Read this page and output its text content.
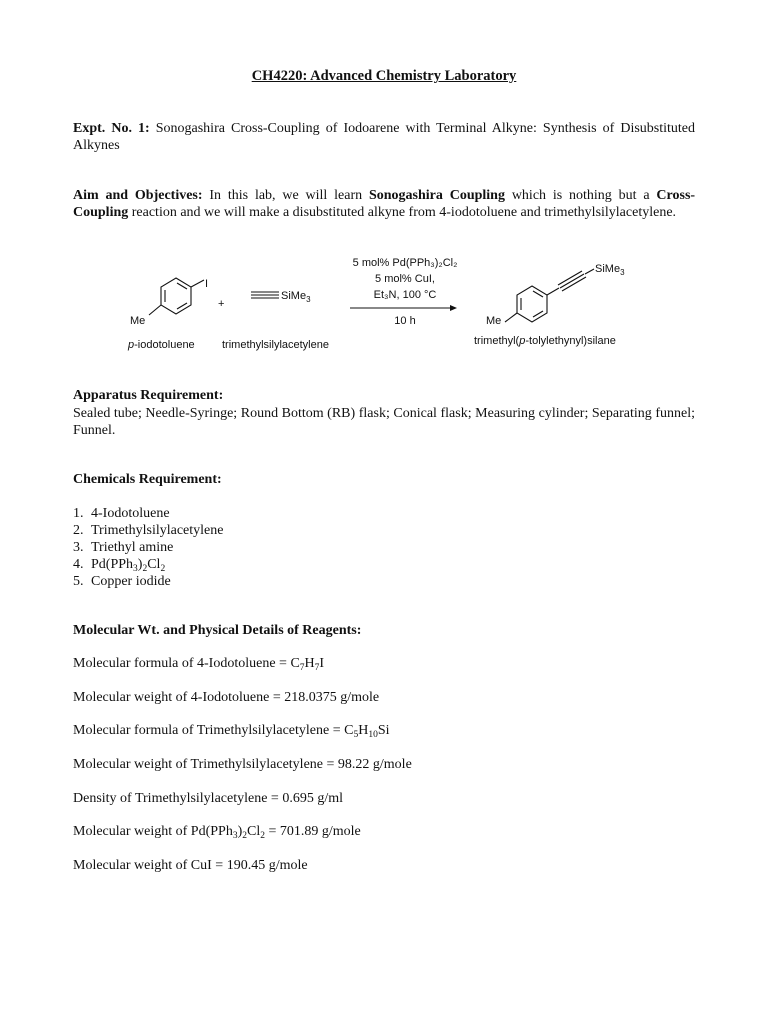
CH4220: Advanced Chemistry Laboratory
Expt. No. 1: Sonogashira Cross-Coupling of Iodoarene with Terminal Alkyne: Synthesis of Disubstituted Alkynes
Aim and Objectives: In this lab, we will learn Sonogashira Coupling which is nothing but a Cross-Coupling reaction and we will make a disubstituted alkyne from 4-iodotoluene and trimethylsilylacetylene.
I
Me
+
SiMe$_3$
5 mol% Pd(PPh₃)₂Cl₂
5 mol% CuI,
Et₃N, 100 °C
10 h
SiMe$_3$
Me
p-iodotoluene trimethylsilylacetylene	trimethyl(p-tolylethynyl)silane
Apparatus Requirement:
Sealed tube; Needle-Syringe; Round Bottom (RB) flask; Conical flask; Measuring cylinder; Separating funnel; Funnel.
Chemicals Requirement:
1. 4-Iodotoluene
2. Trimethylsilylacetylene
3. Triethyl amine
4. $Pd(PPh_3)_2Cl_2$
5. Copper iodide
Molecular Wt. and Physical Details of Reagents:
Molecular formula of 4-Iodotoluene = $C_7H_7I$
Molecular weight of 4-Iodotoluene = 218.0375 g/mole
Molecular formula of Trimethylsilylacetylene = $C_5H_{10}Si$
Molecular weight of Trimethylsilylacetylene = 98.22 g/mole
Density of Trimethylsilylacetylene = 0.695 g/ml
Molecular weight of $Pd(PPh_3)_2Cl_2 = 701.89$ g/mole
Molecular weight of CuI = 190.45 g/mole
